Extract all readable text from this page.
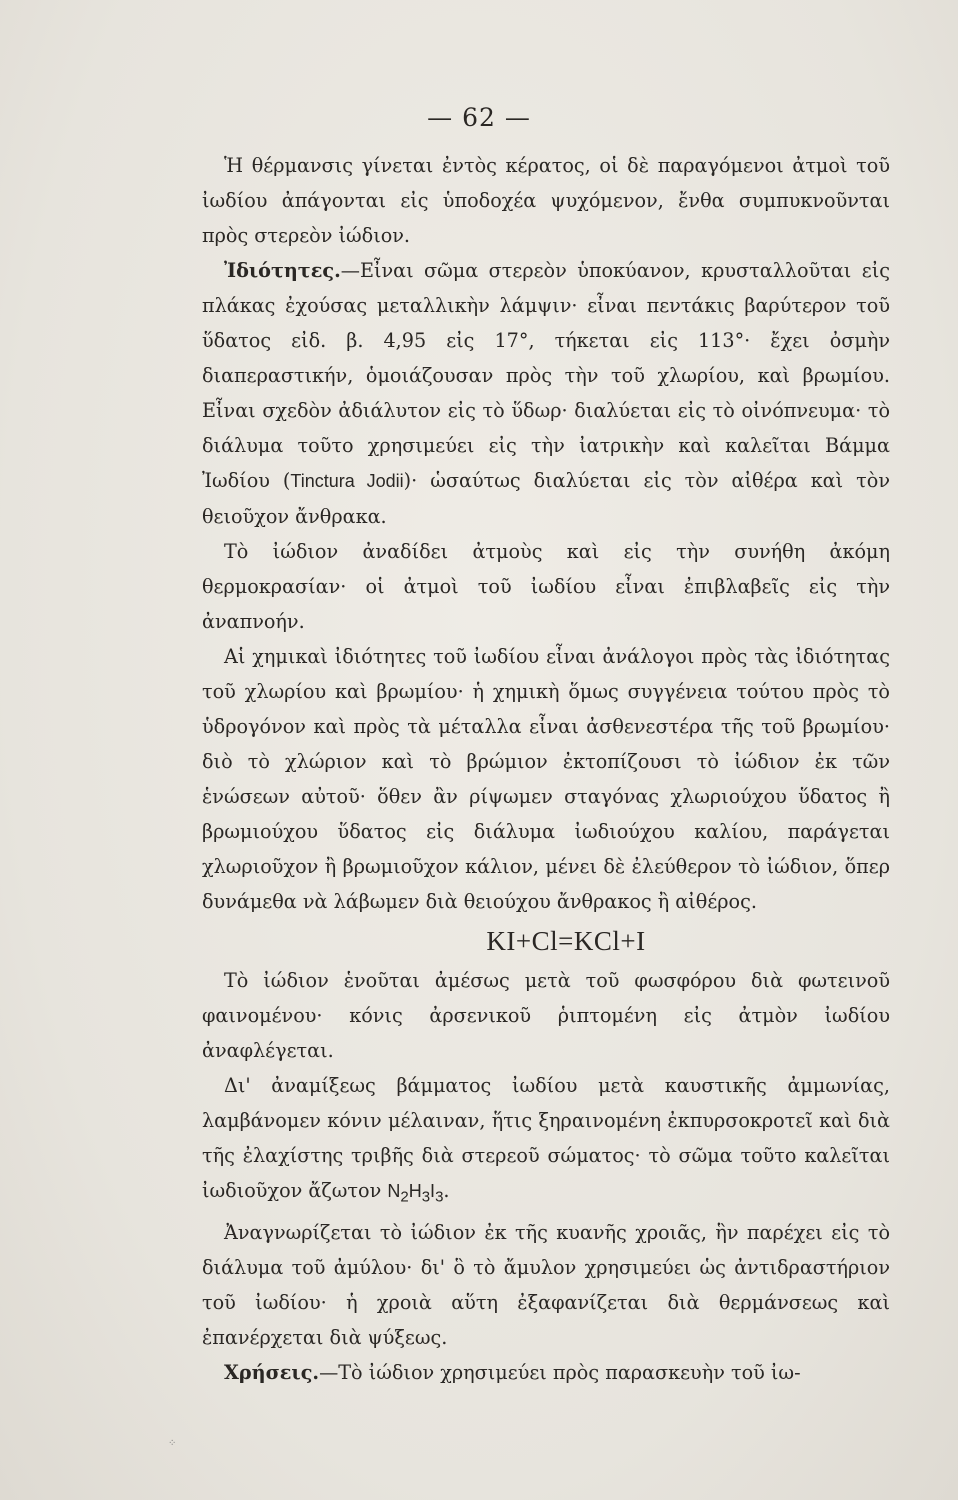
— 62 —

Ἡ θέρμανσις γίνεται ἐντὸς κέρατος, οἱ δὲ παραγόμενοι ἀτμοὶ τοῦ ἰωδίου ἀπάγονται εἰς ὑποδοχέα ψυχόμενον, ἔνθα συμπυκνοῦνται πρὸς στερεὸν ἰώδιον.

Ἰδιότητες.—Εἶναι σῶμα στερεὸν ὑποκύανον, κρυσταλλοῦται εἰς πλάκας ἐχούσας μεταλλικὴν λάμψιν· εἶναι πεντάκις βαρύτερον τοῦ ὕδατος εἰδ. β. 4,95 εἰς 17°, τήκεται εἰς 113°· ἔχει ὀσμὴν διαπεραστικήν, ὁμοιάζουσαν πρὸς τὴν τοῦ χλωρίου, καὶ βρωμίου. Εἶναι σχεδὸν ἀδιάλυτον εἰς τὸ ὕδωρ· διαλύεται εἰς τὸ οἰνόπνευμα· τὸ διάλυμα τοῦτο χρησιμεύει εἰς τὴν ἰατρικὴν καὶ καλεῖται Βάμμα Ἰωδίου (Tinctura Jodii)· ὡσαύτως διαλύεται εἰς τὸν αἰθέρα καὶ τὸν θειοῦχον ἄνθρακα.

Τὸ ἰώδιον ἀναδίδει ἀτμοὺς καὶ εἰς τὴν συνήθη ἀκόμη θερμοκρασίαν· οἱ ἀτμοὶ τοῦ ἰωδίου εἶναι ἐπιβλαβεῖς εἰς τὴν ἀναπνοήν.

Αἱ χημικαὶ ἰδιότητες τοῦ ἰωδίου εἶναι ἀνάλογοι πρὸς τὰς ἰδιότητας τοῦ χλωρίου καὶ βρωμίου· ἡ χημικὴ ὅμως συγγένεια τούτου πρὸς τὸ ὑδρογόνον καὶ πρὸς τὰ μέταλλα εἶναι ἀσθενεστέρα τῆς τοῦ βρωμίου· διὸ τὸ χλώριον καὶ τὸ βρώμιον ἐκτοπίζουσι τὸ ἰώδιον ἐκ τῶν ἑνώσεων αὐτοῦ· ὅθεν ἂν ρίψωμεν σταγόνας χλωριούχου ὕδατος ἢ βρωμιούχου ὕδατος εἰς διάλυμα ἰωδιούχου καλίου, παράγεται χλωριοῦχον ἢ βρωμιοῦχον κάλιον, μένει δὲ ἐλεύθερον τὸ ἰώδιον, ὅπερ δυνάμεθα νὰ λάβωμεν διὰ θειούχου ἄνθρακος ἢ αἰθέρος.

KI+Cl=KCl+I

Τὸ ἰώδιον ἑνοῦται ἀμέσως μετὰ τοῦ φωσφόρου διὰ φωτεινοῦ φαινομένου· κόνις ἀρσενικοῦ ῥιπτομένη εἰς ἀτμὸν ἰωδίου ἀναφλέγεται.

Δι' ἀναμίξεως βάμματος ἰωδίου μετὰ καυστικῆς ἀμμωνίας, λαμβάνομεν κόνιν μέλαιναν, ἥτις ξηραινομένη ἐκπυρσοκροτεῖ καὶ διὰ τῆς ἐλαχίστης τριβῆς διὰ στερεοῦ σώματος· τὸ σῶμα τοῦτο καλεῖται ἰωδιοῦχον ἄζωτον $N_2H_3I_3$.

Ἀναγνωρίζεται τὸ ἰώδιον ἐκ τῆς κυανῆς χροιᾶς, ἣν παρέχει εἰς τὸ διάλυμα τοῦ ἀμύλου· δι' ὃ τὸ ἄμυλον χρησιμεύει ὡς ἀντιδραστήριον τοῦ ἰωδίου· ἡ χροιὰ αὕτη ἐξαφανίζεται διὰ θερμάνσεως καὶ ἐπανέρχεται διὰ ψύξεως.

Χρήσεις.—Τὸ ἰώδιον χρησιμεύει πρὸς παρασκευὴν τοῦ ἰω-

⁘
